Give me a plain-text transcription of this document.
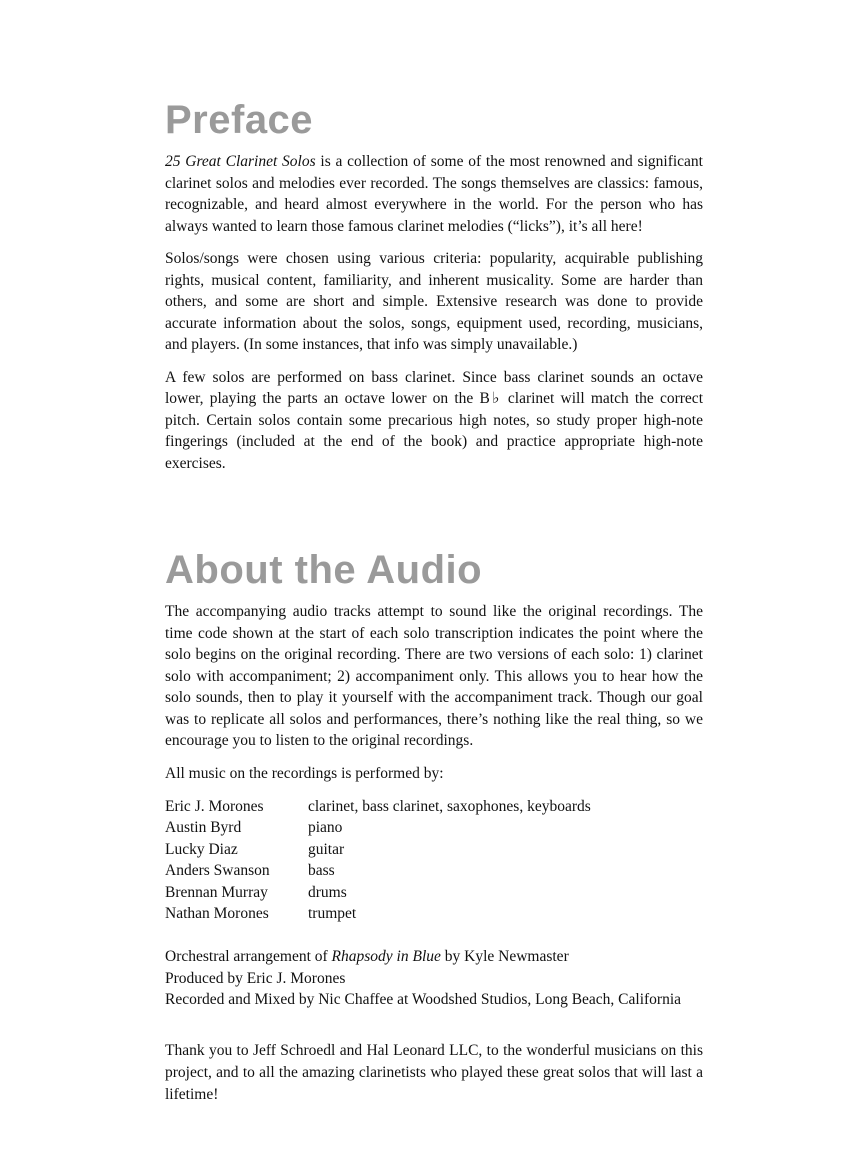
Preface

25 Great Clarinet Solos is a collection of some of the most renowned and significant clarinet solos and melodies ever recorded. The songs themselves are classics: famous, recognizable, and heard almost everywhere in the world. For the person who has always wanted to learn those famous clarinet melodies (“licks”), it’s all here!

Solos/songs were chosen using various criteria: popularity, acquirable publishing rights, musical content, familiarity, and inherent musicality. Some are harder than others, and some are short and simple. Extensive research was done to provide accurate information about the solos, songs, equipment used, recording, musicians, and players. (In some instances, that info was simply unavailable.)

A few solos are performed on bass clarinet. Since bass clarinet sounds an octave lower, playing the parts an octave lower on the B♭ clarinet will match the correct pitch. Certain solos contain some precarious high notes, so study proper high-note fingerings (included at the end of the book) and practice appropriate high-note exercises.

About the Audio

The accompanying audio tracks attempt to sound like the original recordings. The time code shown at the start of each solo transcription indicates the point where the solo begins on the original recording. There are two versions of each solo: 1) clarinet solo with accompaniment; 2) accompaniment only. This allows you to hear how the solo sounds, then to play it yourself with the accompaniment track. Though our goal was to replicate all solos and performances, there’s nothing like the real thing, so we encourage you to listen to the original recordings.

All music on the recordings is performed by:

Eric J. Morones	clarinet, bass clarinet, saxophones, keyboards
Austin Byrd	piano
Lucky Diaz	guitar
Anders Swanson	bass
Brennan Murray	drums
Nathan Morones	trumpet

Orchestral arrangement of Rhapsody in Blue by Kyle Newmaster

Produced by Eric J. Morones

Recorded and Mixed by Nic Chaffee at Woodshed Studios, Long Beach, California

Thank you to Jeff Schroedl and Hal Leonard LLC, to the wonderful musicians on this project, and to all the amazing clarinetists who played these great solos that will last a lifetime!
